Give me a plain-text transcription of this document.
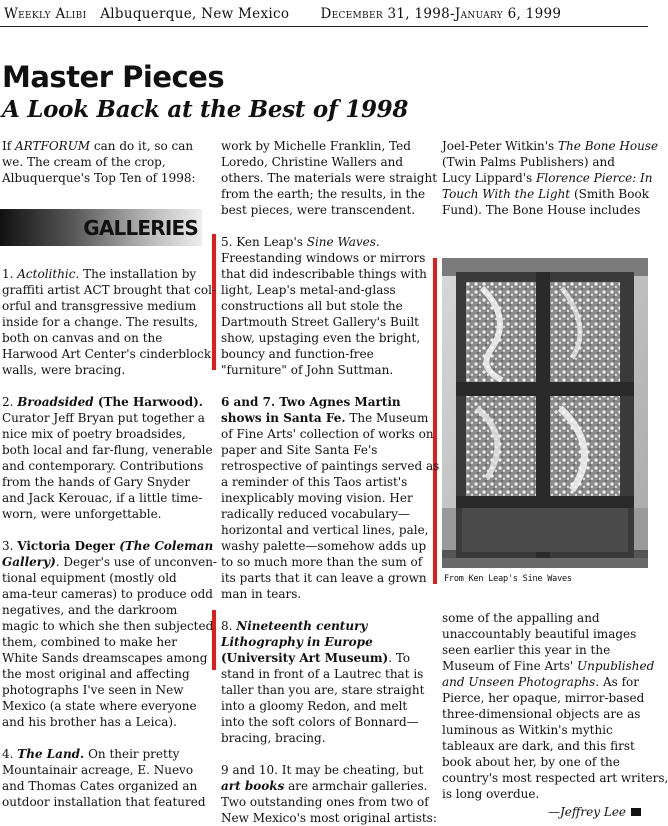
Weekly Alibi Albuquerque, New Mexico December 31, 1998-January 6, 1999
Master Pieces
A Look Back at the Best of 1998
GALLERIES
If ARTFORUM can do it, so can
we. The cream of the crop,
Albuquerque's Top Ten of 1998:

1. Actolithic. The installation by
graffiti artist ACT brought that col-
orful and transgressive medium
inside for a change. The results,
both on canvas and on the
Harwood Art Center's cinderblock
walls, were bracing.

2. Broadsided (The Harwood).
Curator Jeff Bryan put together a
nice mix of poetry broadsides,
both local and far-flung, venerable
and contemporary. Contributions
from the hands of Gary Snyder
and Jack Kerouac, if a little time-
worn, were unforgettable.

3. Victoria Deger (The Coleman
Gallery). Deger's use of unconven-
tional equipment (mostly old
ama-teur cameras) to produce odd
negatives, and the darkroom
magic to which she then subjected
them, combined to make her
White Sands dreamscapes among
the most original and affecting
photographs I've seen in New
Mexico (a state where everyone
and his brother has a Leica).

4. The Land. On their pretty
Mountainair acreage, E. Nuevo
and Thomas Cates organized an
outdoor installation that featured
work by Michelle Franklin, Ted
Loredo, Christine Wallers and
others. The materials were straight
from the earth; the results, in the
best pieces, were transcendent.

5. Ken Leap's Sine Waves.
Freestanding windows or mirrors
that did indescribable things with
light, Leap's metal-and-glass
constructions all but stole the
Dartmouth Street Gallery's Built
show, upstaging even the bright,
bouncy and function-free
"furniture" of John Suttman.

6 and 7. Two Agnes Martin
shows in Santa Fe. The Museum
of Fine Arts' collection of works on
paper and Site Santa Fe's
retrospective of paintings served as
a reminder of this Taos artist's
inexplicably moving vision. Her
radically reduced vocabulary—
horizontal and vertical lines, pale,
washy palette—somehow adds up
to so much more than the sum of
its parts that it can leave a grown
man in tears.

8. Nineteenth century
Lithography in Europe
(University Art Museum). To
stand in front of a Lautrec that is
taller than you are, stare straight
into a gloomy Redon, and melt
into the soft colors of Bonnard—
bracing, bracing.

9 and 10. It may be cheating, but
art books are armchair galleries.
Two outstanding ones from two of
New Mexico's most original artists:
Joel-Peter Witkin's The Bone House
(Twin Palms Publishers) and
Lucy Lippard's Florence Pierce: In
Touch With the Light (Smith Book
Fund). The Bone House includes
some of the appalling and
unaccountably beautiful images
seen earlier this year in the
Museum of Fine Arts' Unpublished
and Unseen Photographs. As for
Pierce, her opaque, mirror-based
three-dimensional objects are as
luminous as Witkin's mythic
tableaux are dark, and this first
book about her, by one of the
country's most respected art writers,
is long overdue.
From Ken Leap's Sine Waves
—Jeffrey Lee
